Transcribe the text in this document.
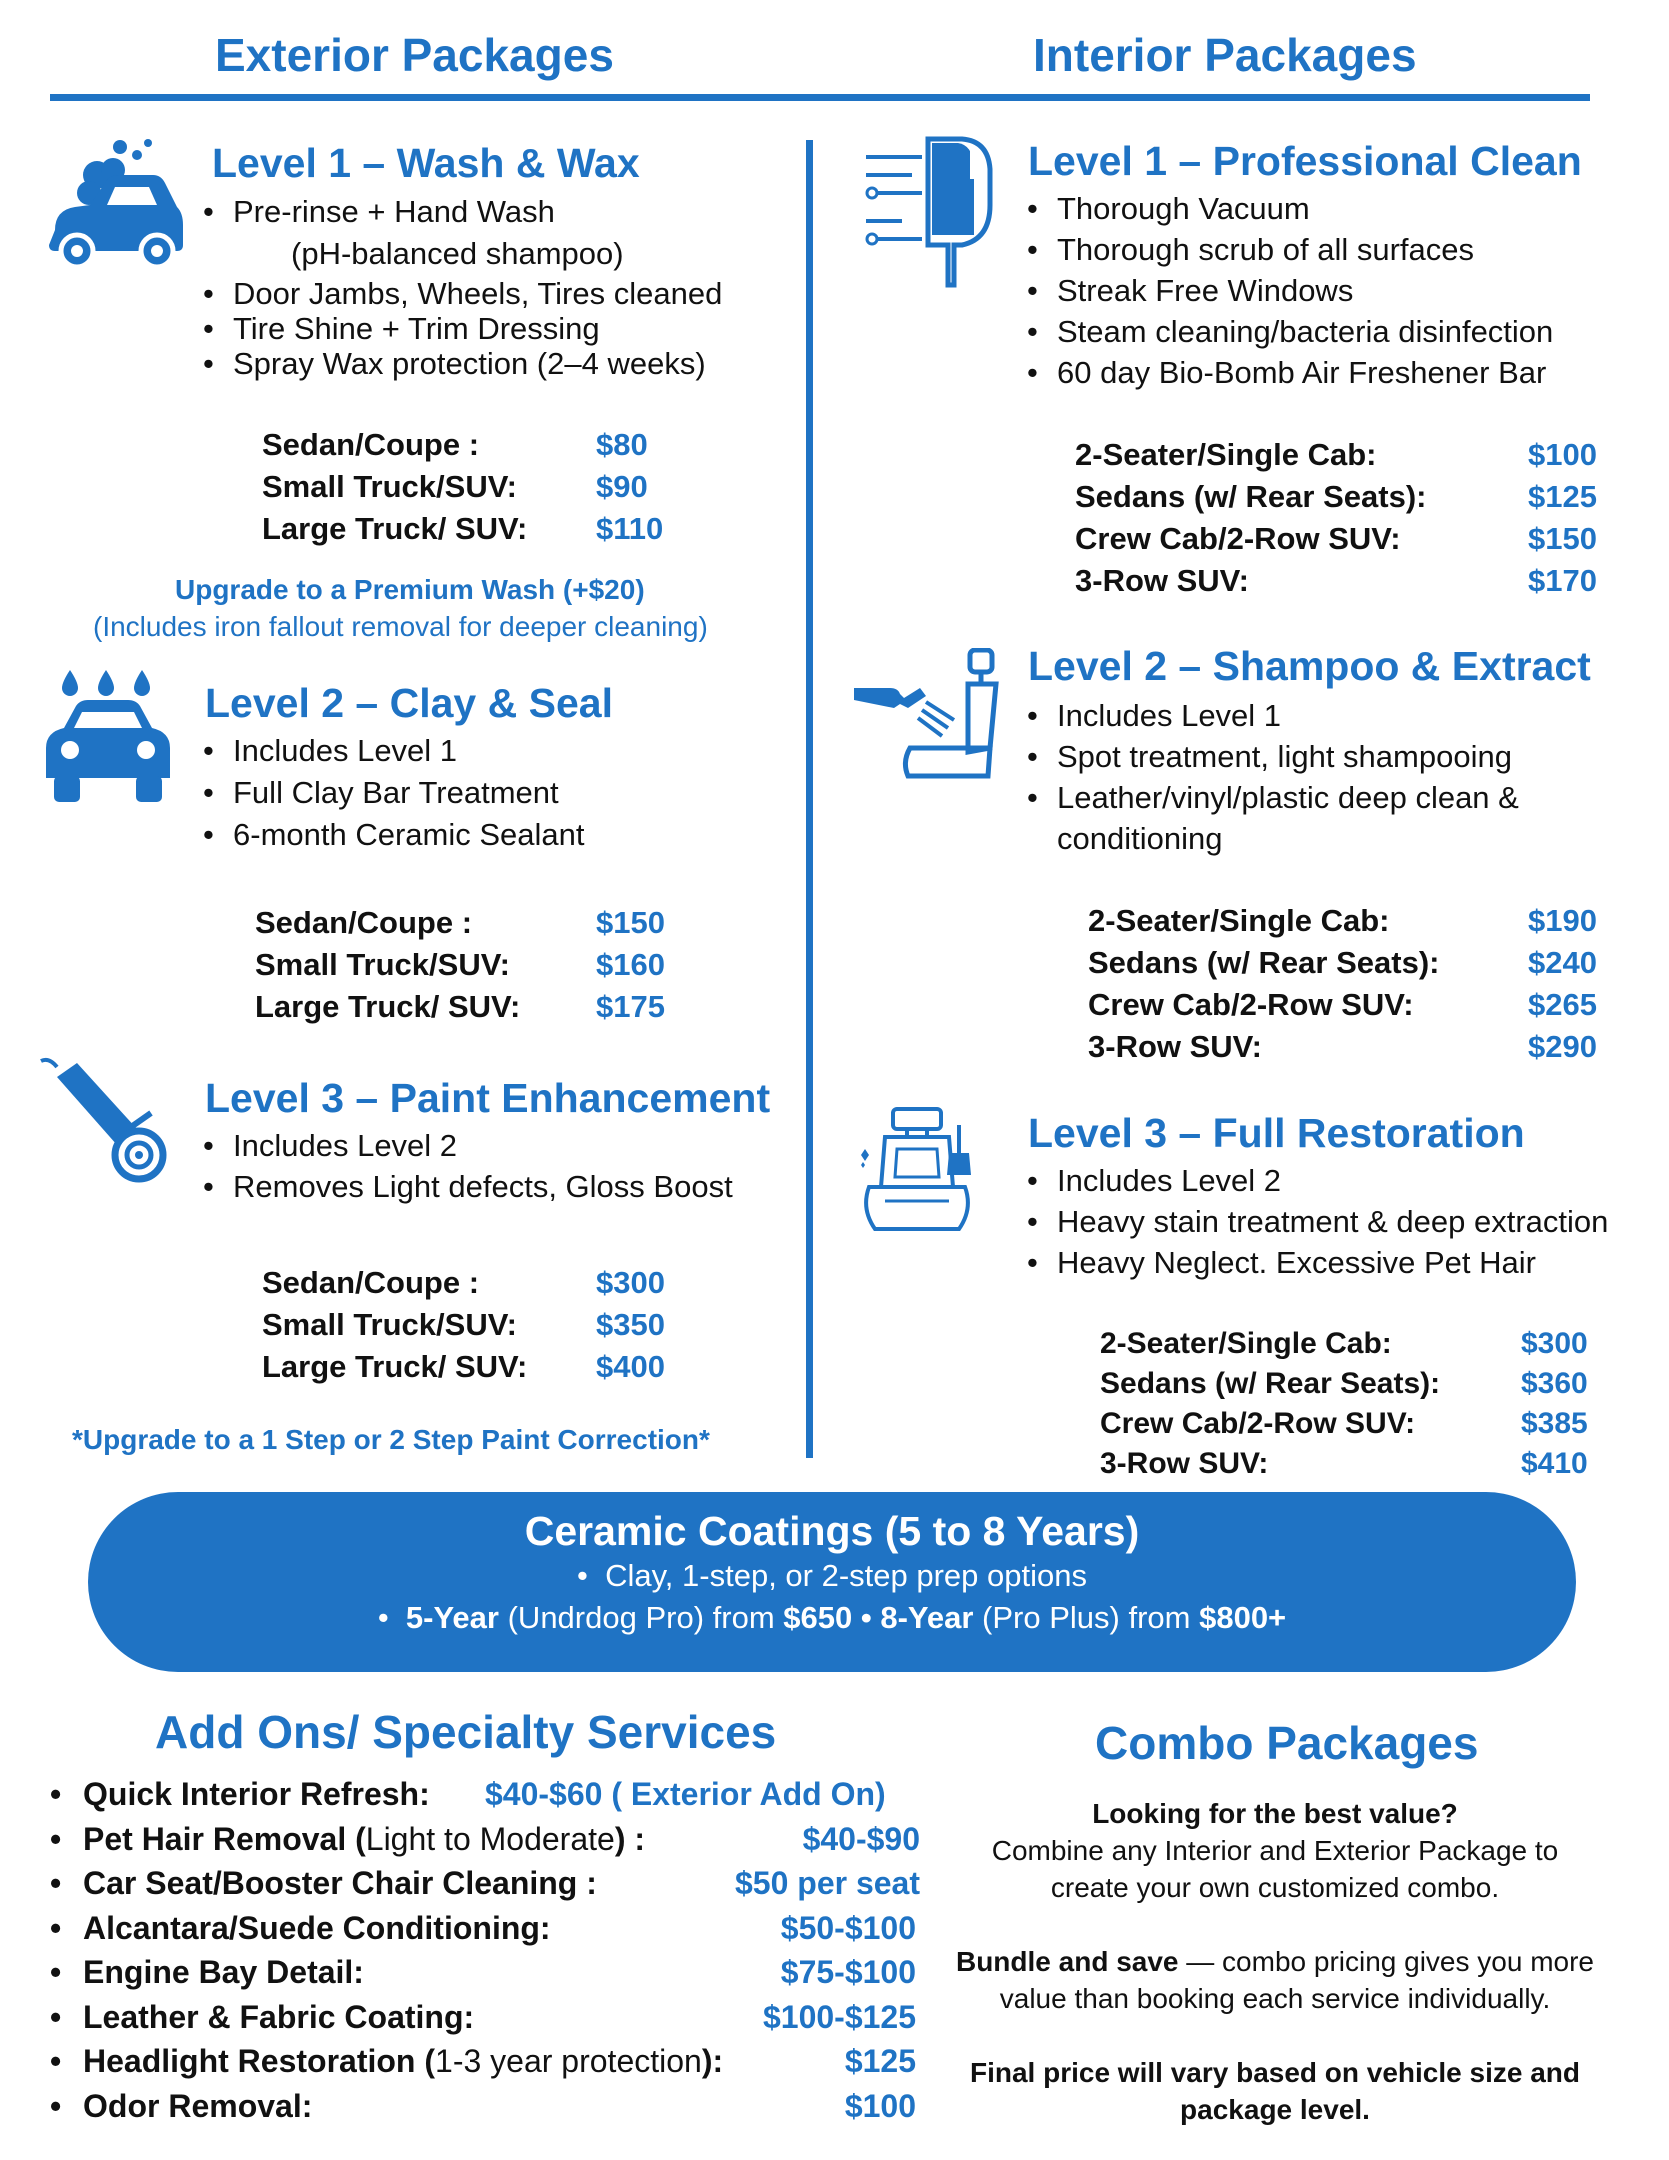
Exterior Packages	Interior Packages
Level 1 – Wash & Wax
• Pre-rinse + Hand Wash
(pH-balanced shampoo)
• Door Jambs, Wheels, Tires cleaned
• Tire Shine + Trim Dressing
• Spray Wax protection (2–4 weeks)
Sedan/Coupe :	$80
Small Truck/SUV:	$90
Large Truck/ SUV: $110
Upgrade to a Premium Wash (+$20)
(Includes iron fallout removal for deeper cleaning)
Level 2 – Clay & Seal
• Includes Level 1
• Full Clay Bar Treatment
• 6-month Ceramic Sealant
Sedan/Coupe :	$150
Small Truck/SUV:	$160
Large Truck/ SUV: $175
Level 3 – Paint Enhancement
• Includes Level 2
• Removes Light defects, Gloss Boost
Sedan/Coupe :	$300
Small Truck/SUV:	$350
Large Truck/ SUV: $400
*Upgrade to a 1 Step or 2 Step Paint Correction*
Level 1 – Professional Clean
• Thorough Vacuum
• Thorough scrub of all surfaces
• Streak Free Windows
• Steam cleaning/bacteria disinfection
• 60 day Bio-Bomb Air Freshener Bar
2-Seater/Single Cab:	$100
Sedans (w/ Rear Seats):	$125
Crew Cab/2-Row SUV:	$150
3-Row SUV:	$170
Level 2 – Shampoo & Extract
• Includes Level 1
• Spot treatment, light shampooing
• Leather/vinyl/plastic deep clean &
conditioning
2-Seater/Single Cab:	$190
Sedans (w/ Rear Seats):	$240
Crew Cab/2-Row SUV:	$265
3-Row SUV:	$290
Level 3 – Full Restoration
• Includes Level 2
• Heavy stain treatment & deep extraction
• Heavy Neglect. Excessive Pet Hair
2-Seater/Single Cab:	$300
Sedans (w/ Rear Seats):	$360
Crew Cab/2-Row SUV:	$385
3-Row SUV:	$410
Ceramic Coatings (5 to 8 Years)
•  Clay, 1-step, or 2-step prep options
•  5-Year (Undrdog Pro) from $650 • 8-Year (Pro Plus) from $800+
Add Ons/ Specialty Services
• Quick Interior Refresh: $40-$60 ( Exterior Add On)
• Pet Hair Removal (Light to Moderate) :	$40-$90
• Car Seat/Booster Chair Cleaning :	$50 per seat
• Alcantara/Suede Conditioning:	$50-$100
• Engine Bay Detail:	$75-$100
• Leather & Fabric Coating:	$100-$125
• Headlight Restoration (1-3 year protection):	$125
• Odor Removal:	$100
Combo Packages
Looking for the best value?
Combine any Interior and Exterior Package to
create your own customized combo.
Bundle and save — combo pricing gives you more
value than booking each service individually.
Final price will vary based on vehicle size and
package level.
